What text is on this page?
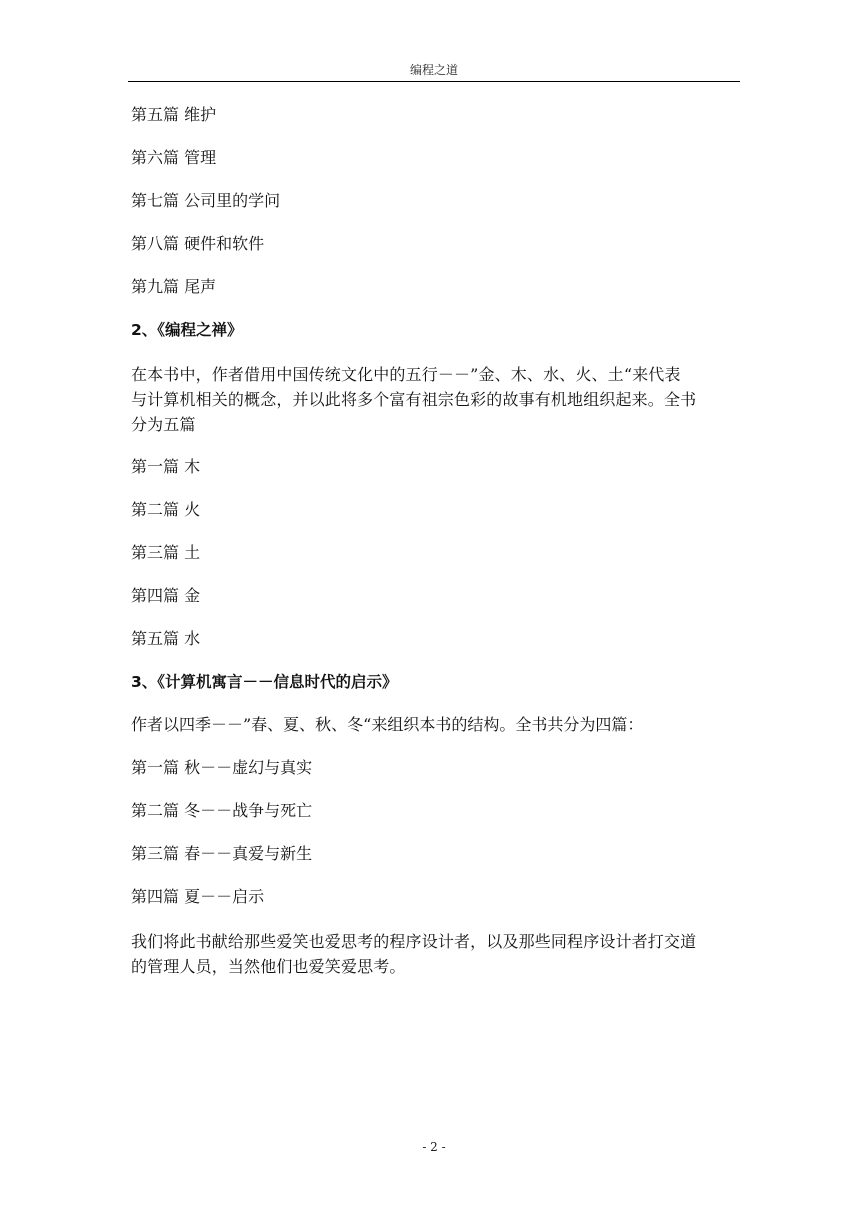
编程之道
第五篇 维护
第六篇 管理
第七篇 公司里的学问
第八篇 硬件和软件
第九篇 尾声
2、《编程之禅》
在本书中，作者借用中国传统文化中的五行－－”金、木、水、火、土“来代表
与计算机相关的概念，并以此将多个富有祖宗色彩的故事有机地组织起来。全书
分为五篇
第一篇 木
第二篇 火
第三篇 土
第四篇 金
第五篇 水
3、《计算机寓言－－信息时代的启示》
作者以四季－－”春、夏、秋、冬“来组织本书的结构。全书共分为四篇：
第一篇 秋－－虚幻与真实
第二篇 冬－－战争与死亡
第三篇 春－－真爱与新生
第四篇 夏－－启示
我们将此书献给那些爱笑也爱思考的程序设计者，以及那些同程序设计者打交道
的管理人员，当然他们也爱笑爱思考。
- 2 -
